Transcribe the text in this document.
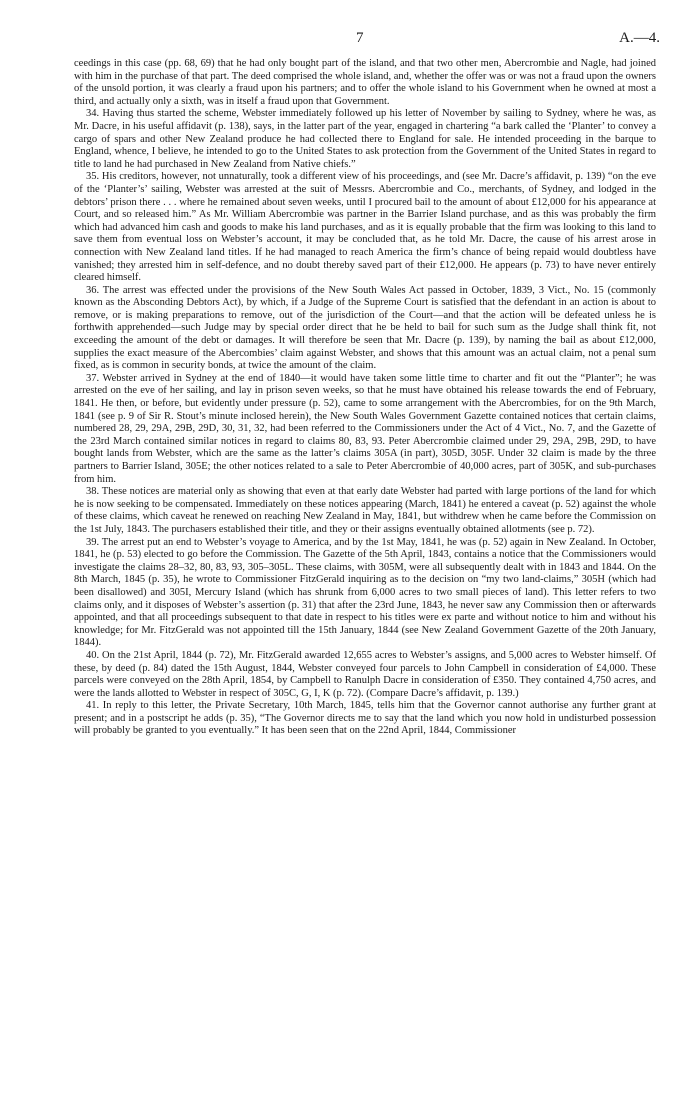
7	A.—4.

ceedings in this case (pp. 68, 69) that he had only bought part of the island, and that two other men, Abercrombie and Nagle, had joined with him in the purchase of that part. The deed comprised the whole island, and, whether the offer was or was not a fraud upon the owners of the unsold portion, it was clearly a fraud upon his partners; and to offer the whole island to his Government when he owned at most a third, and actually only a sixth, was in itself a fraud upon that Government.

34. Having thus started the scheme, Webster immediately followed up his letter of November by sailing to Sydney, where he was, as Mr. Dacre, in his useful affidavit (p. 138), says, in the latter part of the year, engaged in chartering “a bark called the ‘Planter’ to convey a cargo of spars and other New Zealand produce he had collected there to England for sale. He intended proceeding in the barque to England, whence, I believe, he intended to go to the United States to ask protection from the Government of the United States in regard to title to land he had purchased in New Zealand from Native chiefs.”

35. His creditors, however, not unnaturally, took a different view of his proceedings, and (see Mr. Dacre’s affidavit, p. 139) “on the eve of the ‘Planter’s’ sailing, Webster was arrested at the suit of Messrs. Abercrombie and Co., merchants, of Sydney, and lodged in the debtors’ prison there . . . where he remained about seven weeks, until I procured bail to the amount of about £12,000 for his appearance at Court, and so released him.” As Mr. William Abercrombie was partner in the Barrier Island purchase, and as this was probably the firm which had advanced him cash and goods to make his land purchases, and as it is equally probable that the firm was looking to this land to save them from eventual loss on Webster’s account, it may be concluded that, as he told Mr. Dacre, the cause of his arrest arose in connection with New Zealand land titles. If he had managed to reach America the firm’s chance of being repaid would doubtless have vanished; they arrested him in self-defence, and no doubt thereby saved part of their £12,000. He appears (p. 73) to have never entirely cleared himself.

36. The arrest was effected under the provisions of the New South Wales Act passed in October, 1839, 3 Vict., No. 15 (commonly known as the Absconding Debtors Act), by which, if a Judge of the Supreme Court is satisfied that the defendant in an action is about to remove, or is making preparations to remove, out of the jurisdiction of the Court—and that the action will be defeated unless he is forthwith apprehended—such Judge may by special order direct that he be held to bail for such sum as the Judge shall think fit, not exceeding the amount of the debt or damages. It will therefore be seen that Mr. Dacre (p. 139), by naming the bail as about £12,000, supplies the exact measure of the Abercombies’ claim against Webster, and shows that this amount was an actual claim, not a penal sum fixed, as is common in security bonds, at twice the amount of the claim.

37. Webster arrived in Sydney at the end of 1840—it would have taken some little time to charter and fit out the “Planter”; he was arrested on the eve of her sailing, and lay in prison seven weeks, so that he must have obtained his release towards the end of February, 1841. He then, or before, but evidently under pressure (p. 52), came to some arrangement with the Abercrombies, for on the 9th March, 1841 (see p. 9 of Sir R. Stout’s minute inclosed herein), the New South Wales Government Gazette contained notices that certain claims, numbered 28, 29, 29A, 29B, 29D, 30, 31, 32, had been referred to the Commissioners under the Act of 4 Vict., No. 7, and the Gazette of the 23rd March contained similar notices in regard to claims 80, 83, 93. Peter Abercrombie claimed under 29, 29A, 29B, 29D, to have bought lands from Webster, which are the same as the latter’s claims 305A (in part), 305D, 305F. Under 32 claim is made by the three partners to Barrier Island, 305E; the other notices related to a sale to Peter Abercrombie of 40,000 acres, part of 305K, and sub-purchases from him.

38. These notices are material only as showing that even at that early date Webster had parted with large portions of the land for which he is now seeking to be compensated. Immediately on these notices appearing (March, 1841) he entered a caveat (p. 52) against the whole of these claims, which caveat he renewed on reaching New Zealand in May, 1841, but withdrew when he came before the Commission on the 1st July, 1843. The purchasers established their title, and they or their assigns eventually obtained allotments (see p. 72).

39. The arrest put an end to Webster’s voyage to America, and by the 1st May, 1841, he was (p. 52) again in New Zealand. In October, 1841, he (p. 53) elected to go before the Commission. The Gazette of the 5th April, 1843, contains a notice that the Commissioners would investigate the claims 28–32, 80, 83, 93, 305–305L. These claims, with 305M, were all subsequently dealt with in 1843 and 1844. On the 8th March, 1845 (p. 35), he wrote to Commissioner FitzGerald inquiring as to the decision on “my two land-claims,” 305H (which had been disallowed) and 305I, Mercury Island (which has shrunk from 6,000 acres to two small pieces of land). This letter refers to two claims only, and it disposes of Webster’s assertion (p. 31) that after the 23rd June, 1843, he never saw any Commission then or afterwards appointed, and that all proceedings subsequent to that date in respect to his titles were ex parte and without notice to him and without his knowledge; for Mr. FitzGerald was not appointed till the 15th January, 1844 (see New Zealand Government Gazette of the 20th January, 1844).

40. On the 21st April, 1844 (p. 72), Mr. FitzGerald awarded 12,655 acres to Webster’s assigns, and 5,000 acres to Webster himself. Of these, by deed (p. 84) dated the 15th August, 1844, Webster conveyed four parcels to John Campbell in consideration of £4,000. These parcels were conveyed on the 28th April, 1854, by Campbell to Ranulph Dacre in consideration of £350. They contained 4,750 acres, and were the lands allotted to Webster in respect of 305C, G, I, K (p. 72). (Compare Dacre’s affidavit, p. 139.)

41. In reply to this letter, the Private Secretary, 10th March, 1845, tells him that the Governor cannot authorise any further grant at present; and in a postscript he adds (p. 35), “The Governor directs me to say that the land which you now hold in undisturbed possession will probably be granted to you eventually.” It has been seen that on the 22nd April, 1844, Commissioner
